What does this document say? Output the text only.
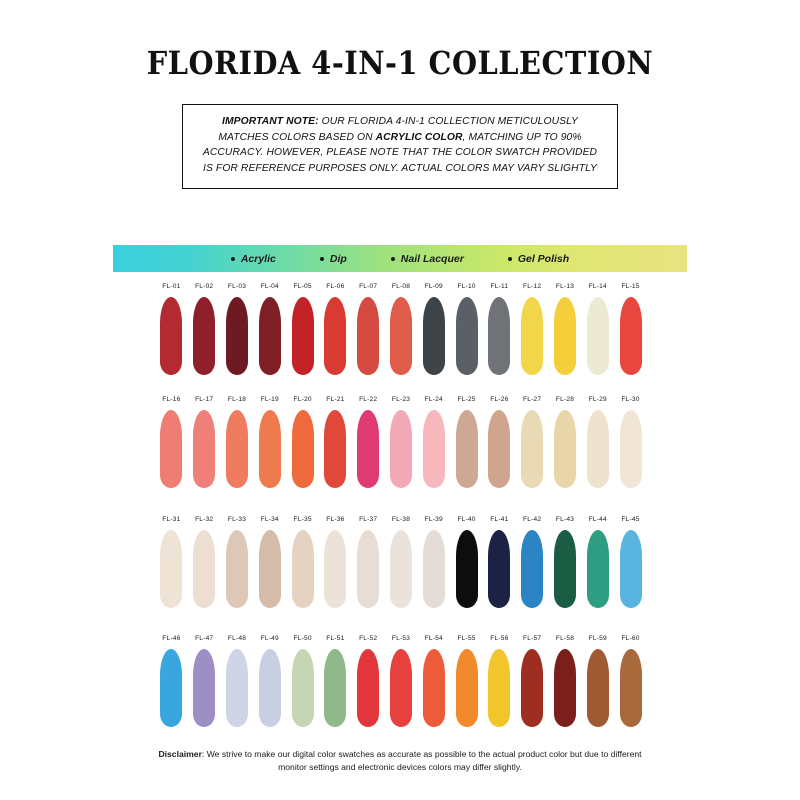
FLORIDA 4-IN-1 COLLECTION
IMPORTANT NOTE: OUR FLORIDA 4-IN-1 COLLECTION METICULOUSLY MATCHES COLORS BASED ON ACRYLIC COLOR, MATCHING UP TO 90% ACCURACY. HOWEVER, PLEASE NOTE THAT THE COLOR SWATCH PROVIDED IS FOR REFERENCE PURPOSES ONLY. ACTUAL COLORS MAY VARY SLIGHTLY
Acrylic	Dip	Nail Lacquer	Gel Polish
FL-01	FL-02	FL-03	FL-04	FL-05	FL-06	FL-07	FL-08	FL-09	FL-10	FL-11	FL-12	FL-13	FL-14	FL-15
FL-16	FL-17	FL-18	FL-19	FL-20	FL-21	FL-22	FL-23	FL-24	FL-25	FL-26	FL-27	FL-28	FL-29	FL-30
FL-31	FL-32	FL-33	FL-34	FL-35	FL-36	FL-37	FL-38	FL-39	FL-40	FL-41	FL-42	FL-43	FL-44	FL-45
FL-46	FL-47	FL-48	FL-49	FL-50	FL-51	FL-52	FL-53	FL-54	FL-55	FL-56	FL-57	FL-58	FL-59	FL-60
Disclaimer: We strive to make our digital color swatches as accurate as possible to the actual product color but due to different monitor settings and electronic devices colors may differ slightly.
